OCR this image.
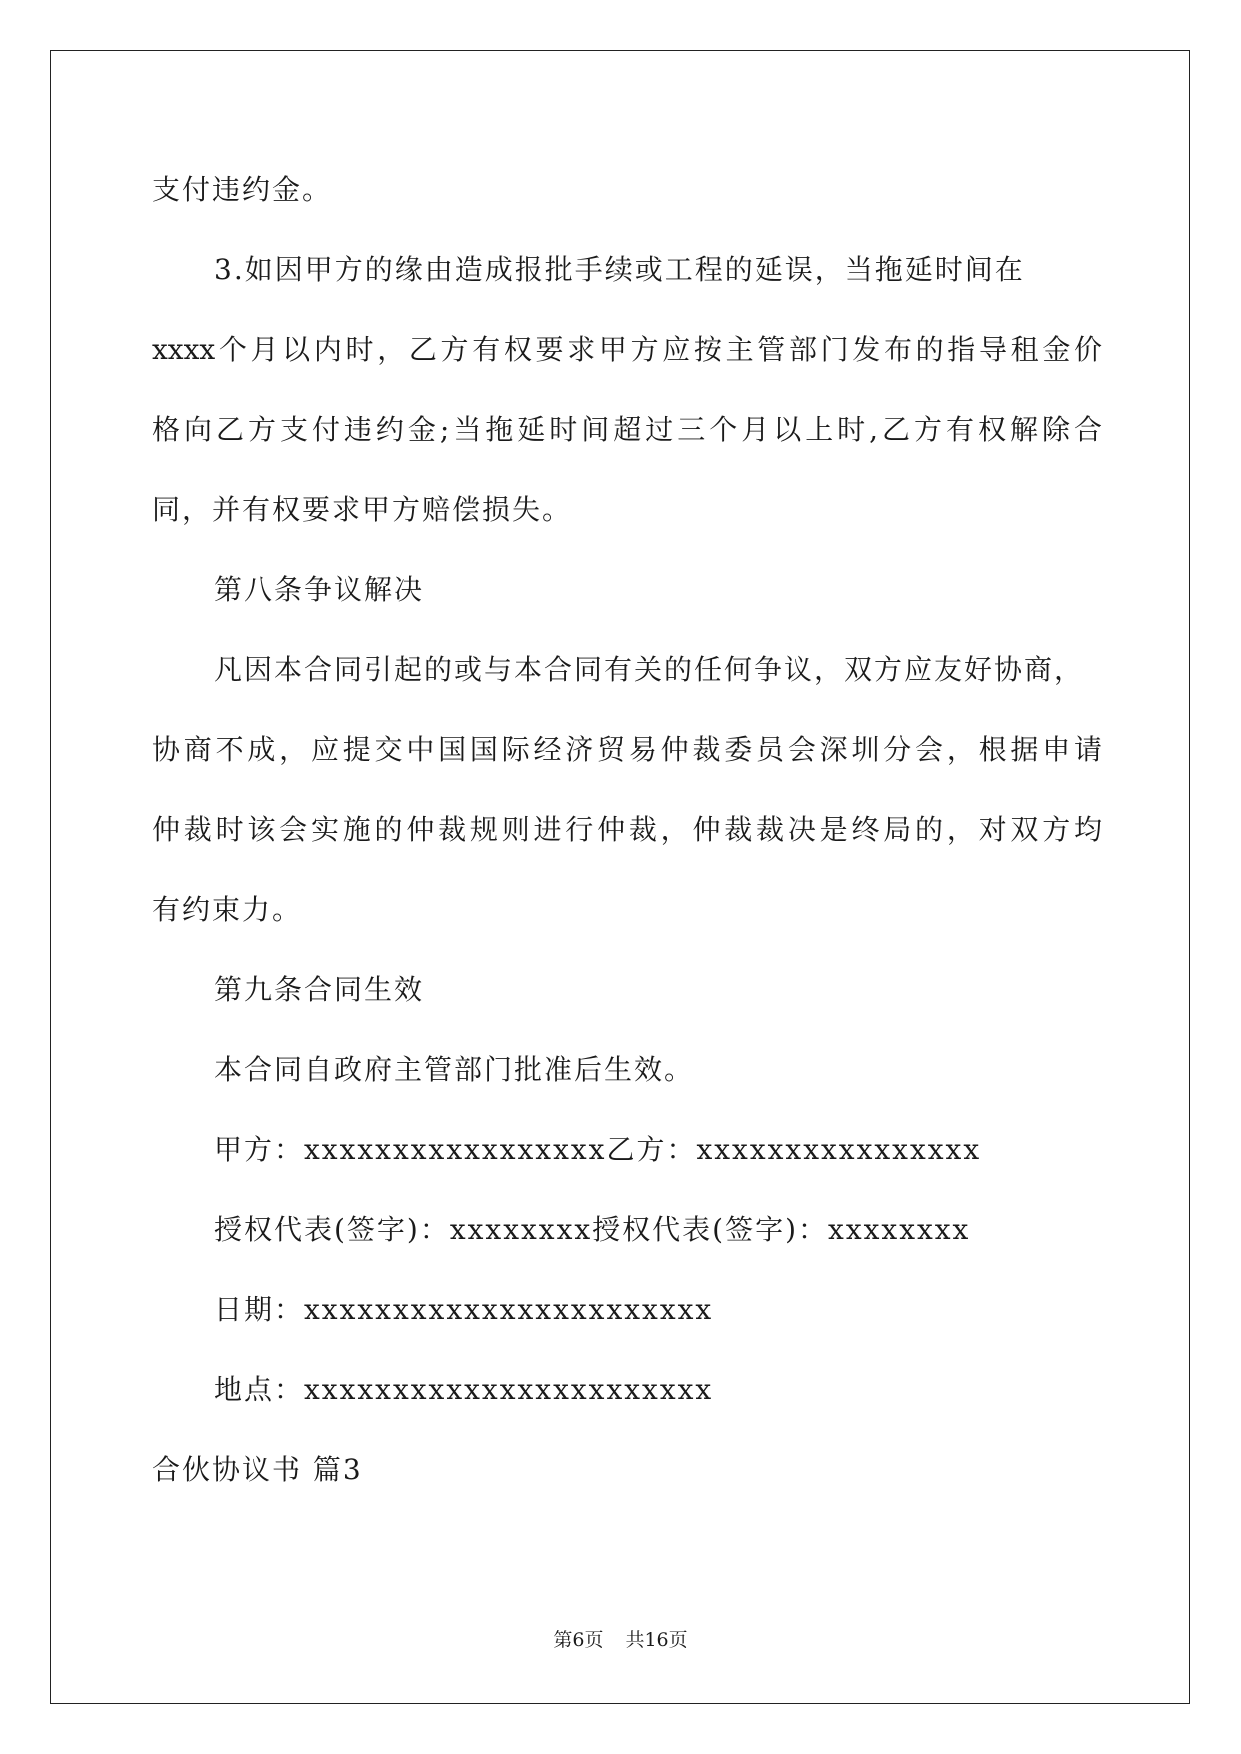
支付违约金。
3.如因甲方的缘由造成报批手续或工程的延误，当拖延时间在
xxxx个月以内时，乙方有权要求甲方应按主管部门发布的指导租金价
格向乙方支付违约金;当拖延时间超过三个月以上时,乙方有权解除合
同，并有权要求甲方赔偿损失。
第八条争议解决
凡因本合同引起的或与本合同有关的任何争议，双方应友好协商，
协商不成，应提交中国国际经济贸易仲裁委员会深圳分会，根据申请
仲裁时该会实施的仲裁规则进行仲裁，仲裁裁决是终局的，对双方均
有约束力。
第九条合同生效
本合同自政府主管部门批准后生效。
甲方：xxxxxxxxxxxxxxxxx乙方：xxxxxxxxxxxxxxxx
授权代表(签字)：xxxxxxxx授权代表(签字)：xxxxxxxx
日期：xxxxxxxxxxxxxxxxxxxxxxx
地点：xxxxxxxxxxxxxxxxxxxxxxx
合伙协议书 篇3
第6页 共16页
